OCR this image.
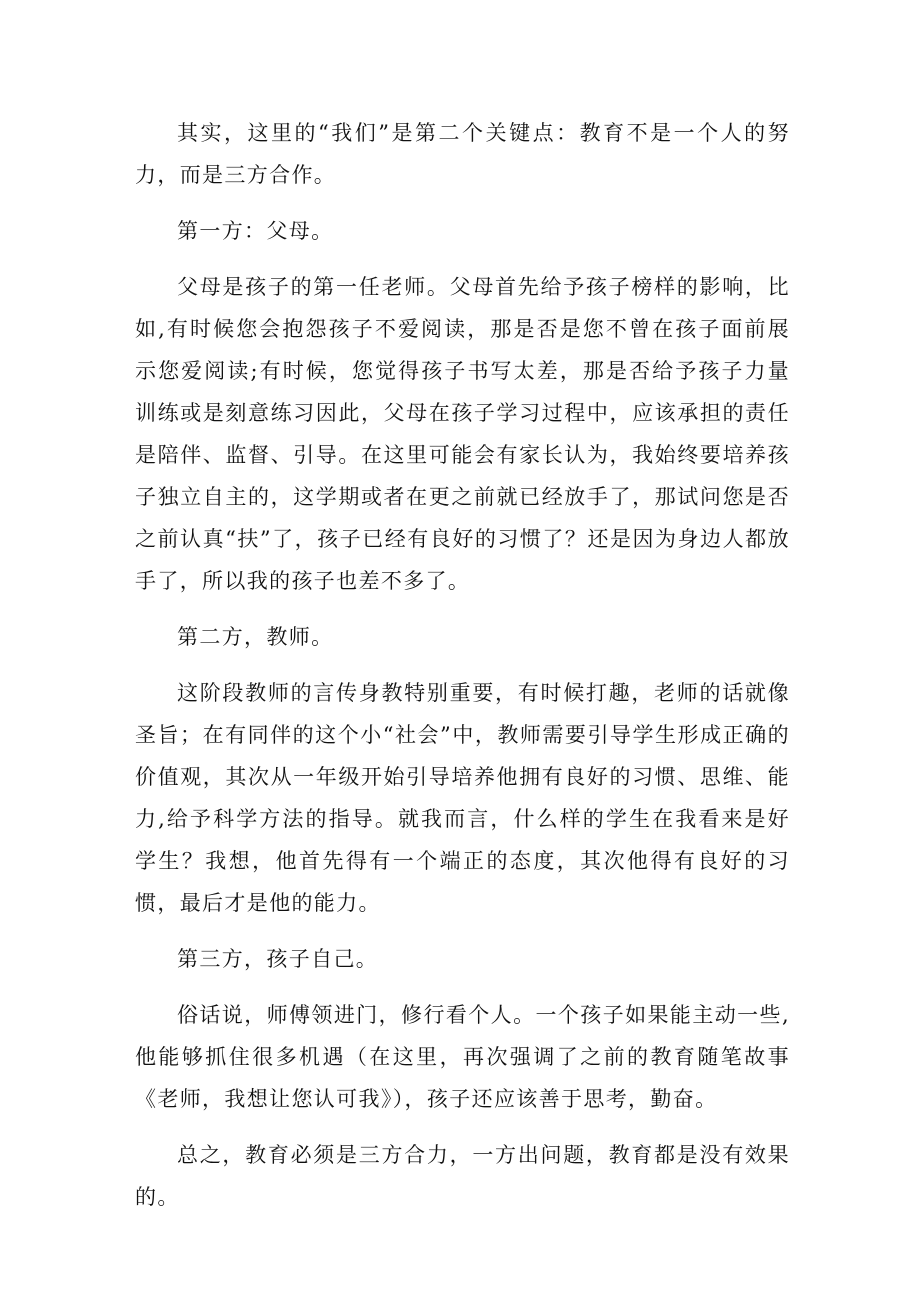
其实，这里的“我们”是第二个关键点：教育不是一个人的努力，而是三方合作。

第一方：父母。

父母是孩子的第一任老师。父母首先给予孩子榜样的影响，比如,有时候您会抱怨孩子不爱阅读，那是否是您不曾在孩子面前展示您爱阅读;有时候，您觉得孩子书写太差，那是否给予孩子力量训练或是刻意练习因此，父母在孩子学习过程中，应该承担的责任是陪伴、监督、引导。在这里可能会有家长认为，我始终要培养孩子独立自主的，这学期或者在更之前就已经放手了，那试问您是否之前认真“扶”了，孩子已经有良好的习惯了？还是因为身边人都放手了，所以我的孩子也差不多了。

第二方，教师。

这阶段教师的言传身教特别重要，有时候打趣，老师的话就像圣旨；在有同伴的这个小“社会”中，教师需要引导学生形成正确的价值观，其次从一年级开始引导培养他拥有良好的习惯、思维、能力,给予科学方法的指导。就我而言，什么样的学生在我看来是好学生？我想，他首先得有一个端正的态度，其次他得有良好的习惯，最后才是他的能力。

第三方，孩子自己。

俗话说，师傅领进门，修行看个人。一个孩子如果能主动一些,他能够抓住很多机遇（在这里，再次强调了之前的教育随笔故事《老师，我想让您认可我》），孩子还应该善于思考，勤奋。

总之，教育必须是三方合力，一方出问题，教育都是没有效果的。
